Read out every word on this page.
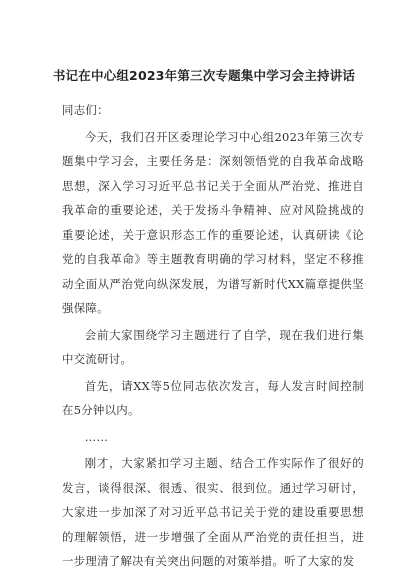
书记在中心组2023年第三次专题集中学习会主持讲话

同志们：

今天，我们召开区委理论学习中心组2023年第三次专题集中学习会，主要任务是：深刻领悟党的自我革命战略思想，深入学习习近平总书记关于全面从严治党、推进自我革命的重要论述，关于发扬斗争精神、应对风险挑战的重要论述，关于意识形态工作的重要论述，认真研读《论党的自我革命》等主题教育明确的学习材料，坚定不移推动全面从严治党向纵深发展，为谱写新时代XX篇章提供坚强保障。

会前大家围绕学习主题进行了自学，现在我们进行集中交流研讨。

首先，请XX等5位同志依次发言，每人发言时间控制在5分钟以内。

……

刚才，大家紧扣学习主题、结合工作实际作了很好的发言，谈得很深、很透、很实、很到位。通过学习研讨，大家进一步加深了对习近平总书记关于党的建设重要思想的理解领悟，进一步增强了全面从严治党的责任担当，进一步理清了解决有关突出问题的对策举措。听了大家的发
